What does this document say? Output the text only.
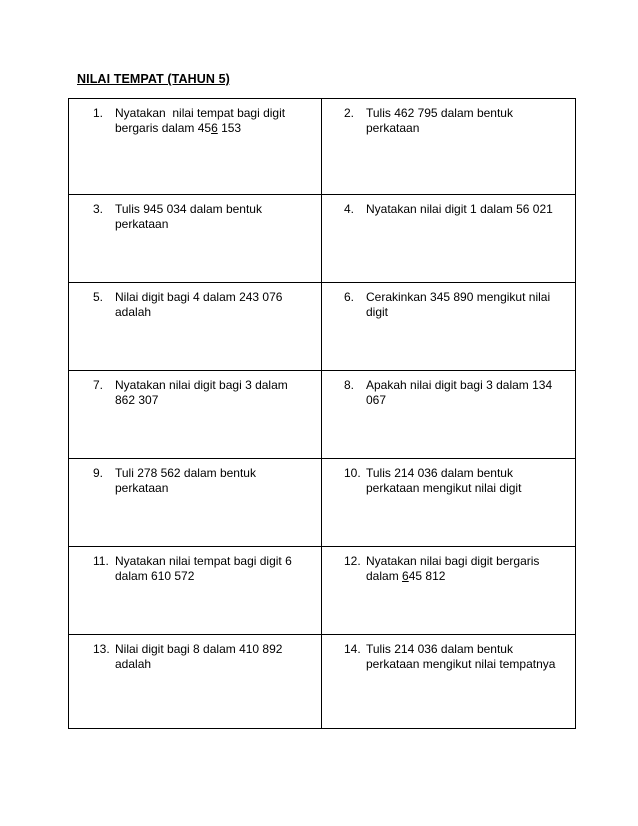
NILAI TEMPAT (TAHUN 5)
1. Nyatakan  nilai tempat bagi digit bergaris dalam 456 153	2. Tulis 462 795 dalam bentuk perkataan

3. Tulis 945 034 dalam bentuk perkataan	4. Nyatakan nilai digit 1 dalam 56 021

5. Nilai digit bagi 4 dalam 243 076 adalah	6. Cerakinkan 345 890 mengikut nilai digit

7. Nyatakan nilai digit bagi 3 dalam 862 307	8. Apakah nilai digit bagi 3 dalam 134 067

9. Tuli 278 562 dalam bentuk perkataan	10. Tulis 214 036 dalam bentuk perkataan mengikut nilai digit

11. Nyatakan nilai tempat bagi digit 6 dalam 610 572	12. Nyatakan nilai bagi digit bergaris dalam 645 812

13. Nilai digit bagi 8 dalam 410 892 adalah	14. Tulis 214 036 dalam bentuk perkataan mengikut nilai tempatnya
